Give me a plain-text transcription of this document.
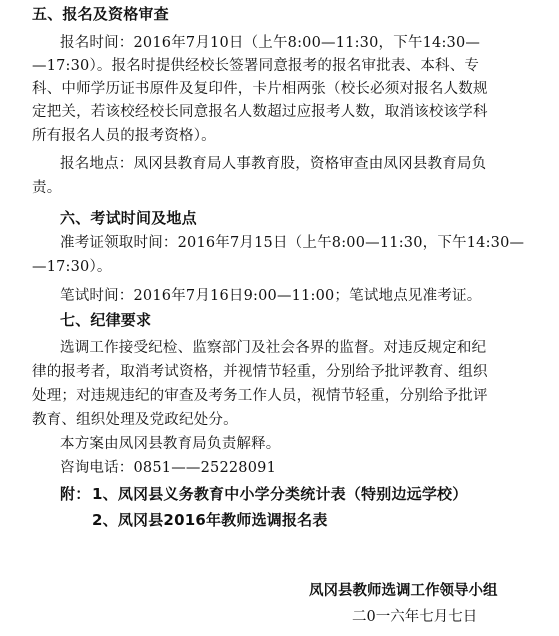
五、报名及资格审查
报名时间：2016年7月10日（上午8:00—11:30，下午14:30—
—17:30）。报名时提供经校长签署同意报考的报名审批表、本科、专
科、中师学历证书原件及复印件，卡片相两张（校长必须对报名人数规
定把关，若该校经校长同意报名人数超过应报考人数，取消该校该学科
所有报名人员的报考资格）。
报名地点：凤冈县教育局人事教育股，资格审查由凤冈县教育局负
责。
六、考试时间及地点
准考证领取时间：2016年7月15日（上午8:00—11:30，下午14:30—
—17:30）。
笔试时间：2016年7月16日9:00—11:00；笔试地点见准考证。
七、纪律要求
选调工作接受纪检、监察部门及社会各界的监督。对违反规定和纪
律的报考者，取消考试资格，并视情节轻重，分别给予批评教育、组织
处理；对违规违纪的审查及考务工作人员，视情节轻重，分别给予批评
教育、组织处理及党政纪处分。
本方案由凤冈县教育局负责解释。
咨询电话：0851——25228091
附： 1、凤冈县义务教育中小学分类统计表（特别边远学校）
2、凤冈县2016年教师选调报名表
凤冈县教师选调工作领导小组
二0一六年七月七日
